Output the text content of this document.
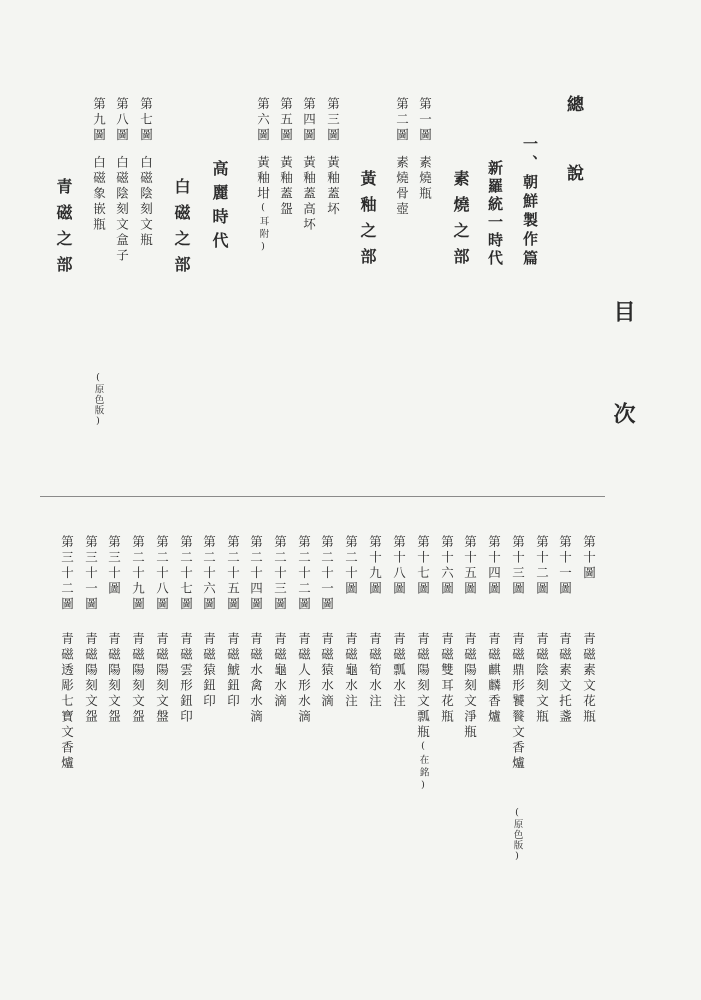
目
次
總 說
一、朝鮮製作篇
新羅統一時代
素燒之部
第一圖素燒瓶
第二圖素燒骨壺
黃釉之部
第三圖黃釉蓋坏
第四圖黃釉蓋高坏
第五圖黃釉蓋盌
第六圖黃釉坩(耳附)
高麗時代
白磁之部
第七圖白磁陰刻文瓶
第八圖白磁陰刻文盒子
第九圖白磁象嵌瓶
(原色版)
青磁之部
第十圖
青磁素文花瓶
第十一圖
青磁素文托盞
第十二圖
青磁陰刻文瓶
第十三圖
青磁鼎形饕餮文香爐
(原色版)
第十四圖
青磁麒麟香爐
第十五圖
青磁陽刻文淨瓶
第十六圖
青磁雙耳花瓶
第十七圖
青磁陽刻文瓢瓶(在銘)
第十八圖
青磁瓢水注
第十九圖
青磁筍水注
第二十圖
青磁龜水注
第二十一圖
青磁猿水滴
第二十二圖
青磁人形水滴
第二十三圖
青磁龜水滴
第二十四圖
青磁水禽水滴
第二十五圖
青磁鯱鈕印
第二十六圖
青磁猿鈕印
第二十七圖
青磁雲形鈕印
第二十八圖
青磁陽刻文盤
第二十九圖
青磁陽刻文盌
第三十圖
青磁陽刻文盌
第三十一圖
青磁陽刻文盌
第三十二圖
青磁透彫七寶文香爐
